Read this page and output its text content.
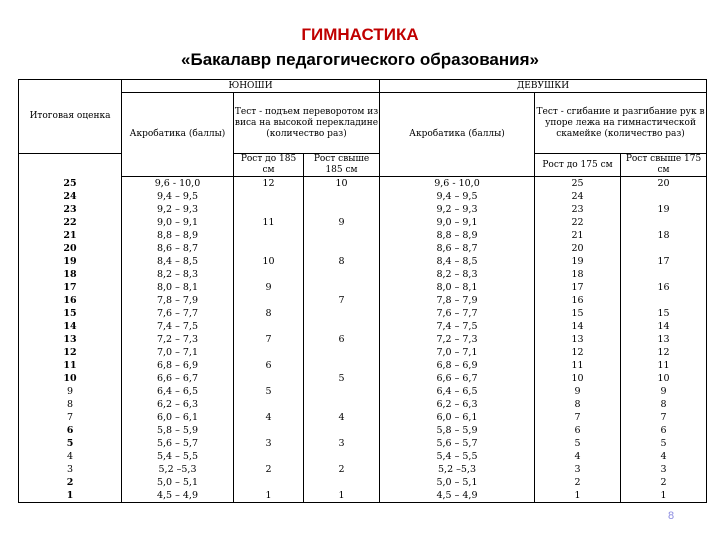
ГИМНАСТИКА
«Бакалавр педагогического образования»
Итоговая оценка	ЮНОШИ			ДЕВУШКИ		
	Акробатика (баллы)	Тест - подъем переворотом из виса на высокой перекладине (количество раз)		Акробатика (баллы)	Тест - сгибание и разгибание рук в упоре лежа на гимнастической скамейке (количество раз)	
		Рост до 185 см	Рост свыше 185 см		Рост до 175 см	Рост свыше 175 см
25	9,6 - 10,0	12	10	9,6 - 10,0	25	20
24	9,4 – 9,5			9,4 – 9,5	24	
23	9,2 – 9,3			9,2 – 9,3	23	19
22	9,0 – 9,1	11	9	9,0 – 9,1	22	
21	8,8 – 8,9			8,8 – 8,9	21	18
20	8,6 – 8,7			8,6 – 8,7	20	
19	8,4 – 8,5	10	8	8,4 – 8,5	19	17
18	8,2 – 8,3			8,2 – 8,3	18	
17	8,0 – 8,1	9		8,0 – 8,1	17	16
16	7,8 – 7,9		7	7,8 – 7,9	16	
15	7,6 – 7,7	8		7,6 – 7,7	15	15
14	7,4 – 7,5			7,4 – 7,5	14	14
13	7,2 – 7,3	7	6	7,2 – 7,3	13	13
12	7,0 – 7,1			7,0 – 7,1	12	12
11	6,8 – 6,9	6		6,8 – 6,9	11	11
10	6,6 – 6,7		5	6,6 – 6,7	10	10
9	6,4 – 6,5	5		6,4 – 6,5	9	9
8	6,2 – 6,3			6,2 – 6,3	8	8
7	6,0 – 6,1	4	4	6,0 – 6,1	7	7
6	5,8 – 5,9			5,8 – 5,9	6	6
5	5,6 – 5,7	3	3	5,6 – 5,7	5	5
4	5,4 – 5,5			5,4 – 5,5	4	4
3	5,2 –5,3	2	2	5,2 –5,3	3	3
2	5,0 – 5,1			5,0 – 5,1	2	2
1	4,5 – 4,9	1	1	4,5 – 4,9	1	1
8
